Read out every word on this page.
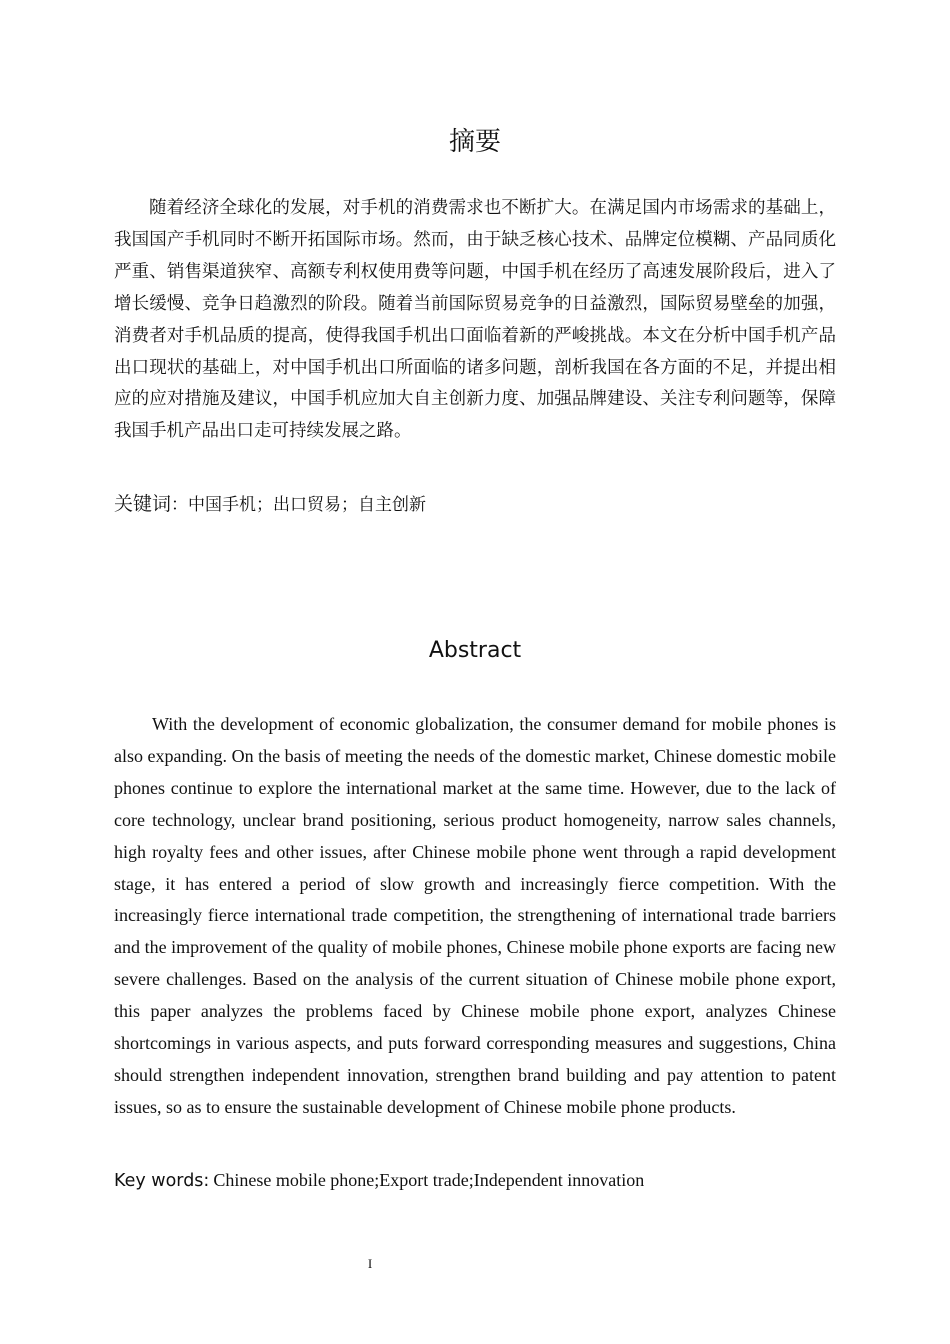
摘要

随着经济全球化的发展，对手机的消费需求也不断扩大。在满足国内市场需求的基础上，我国国产手机同时不断开拓国际市场。然而，由于缺乏核心技术、品牌定位模糊、产品同质化严重、销售渠道狭窄、高额专利权使用费等问题，中国手机在经历了高速发展阶段后，进入了增长缓慢、竞争日趋激烈的阶段。随着当前国际贸易竞争的日益激烈，国际贸易壁垒的加强，消费者对手机品质的提高，使得我国手机出口面临着新的严峻挑战。本文在分析中国手机产品出口现状的基础上，对中国手机出口所面临的诸多问题，剖析我国在各方面的不足，并提出相应的应对措施及建议，中国手机应加大自主创新力度、加强品牌建设、关注专利问题等，保障我国手机产品出口走可持续发展之路。

关键词：中国手机；出口贸易；自主创新

Abstract

With the development of economic globalization, the consumer demand for mobile phones is also expanding. On the basis of meeting the needs of the domestic market, Chinese domestic mobile phones continue to explore the international market at the same time. However, due to the lack of core technology, unclear brand positioning, serious product homogeneity, narrow sales channels, high royalty fees and other issues, after Chinese mobile phone went through a rapid development stage, it has entered a period of slow growth and increasingly fierce competition. With the increasingly fierce international trade competition, the strengthening of international trade barriers and the improvement of the quality of mobile phones, Chinese mobile phone exports are facing new severe challenges. Based on the analysis of the current situation of Chinese mobile phone export, this paper analyzes the problems faced by Chinese mobile phone export, analyzes Chinese shortcomings in various aspects, and puts forward corresponding measures and suggestions, China should strengthen independent innovation, strengthen brand building and pay attention to patent issues, so as to ensure the sustainable development of Chinese mobile phone products.

Key words: Chinese mobile phone;Export trade;Independent innovation

I
